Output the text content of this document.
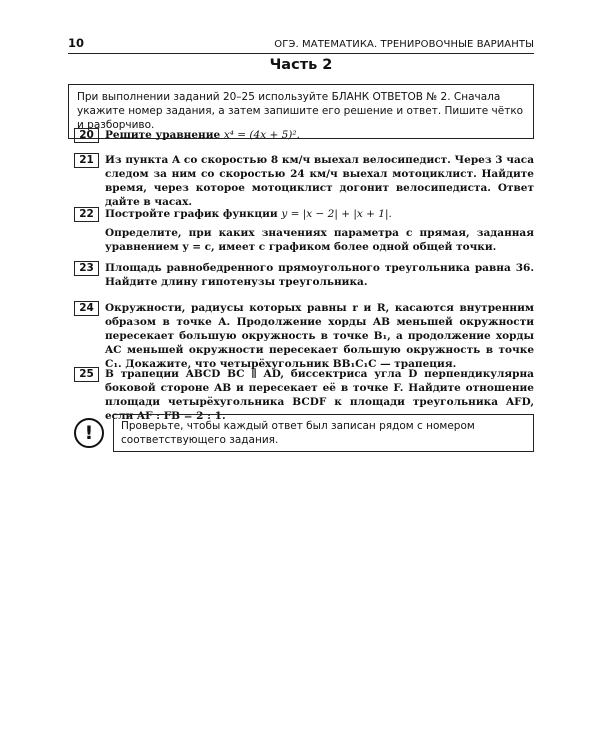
10	ОГЭ. МАТЕМАТИКА. ТРЕНИРОВОЧНЫЕ ВАРИАНТЫ
Часть 2
При выполнении заданий 20–25 используйте БЛАНК ОТВЕТОВ № 2. Сначала укажите номер задания, а затем запишите его решение и ответ. Пишите чётко и разборчиво.
20	Решите уравнение x⁴ = (4x + 5)².
21	Из пункта A со скоростью 8 км/ч выехал велосипедист. Через 3 часа следом за ним со скоростью 24 км/ч выехал мотоциклист. Найдите время, через которое мотоциклист догонит велосипедиста. Ответ дайте в часах.
22	Постройте график функции y = |x − 2| + |x + 1|.

Определите, при каких значениях параметра c прямая, заданная уравнением y = c, имеет с графиком более одной общей точки.

23	Площадь равнобедренного прямоугольного треугольника равна 36. Найдите длину гипотенузы треугольника.
24	Окружности, радиусы которых равны r и R, касаются внутренним образом в точке A. Продолжение хорды AB меньшей окружности пересекает большую окружность в точке B₁, а продолжение хорды AC меньшей окружности пересекает большую окружность в точке C₁. Докажите, что четырёхугольник BB₁C₁C — трапеция.
25	В трапеции ABCD BC ∥ AD, биссектриса угла D перпендикулярна боковой стороне AB и пересекает её в точке F. Найдите отношение площади четырёхугольника BCDF к площади треугольника AFD, если AF : FB = 2 : 1.
!	Проверьте, чтобы каждый ответ был записан рядом с номером соответствующего задания.
